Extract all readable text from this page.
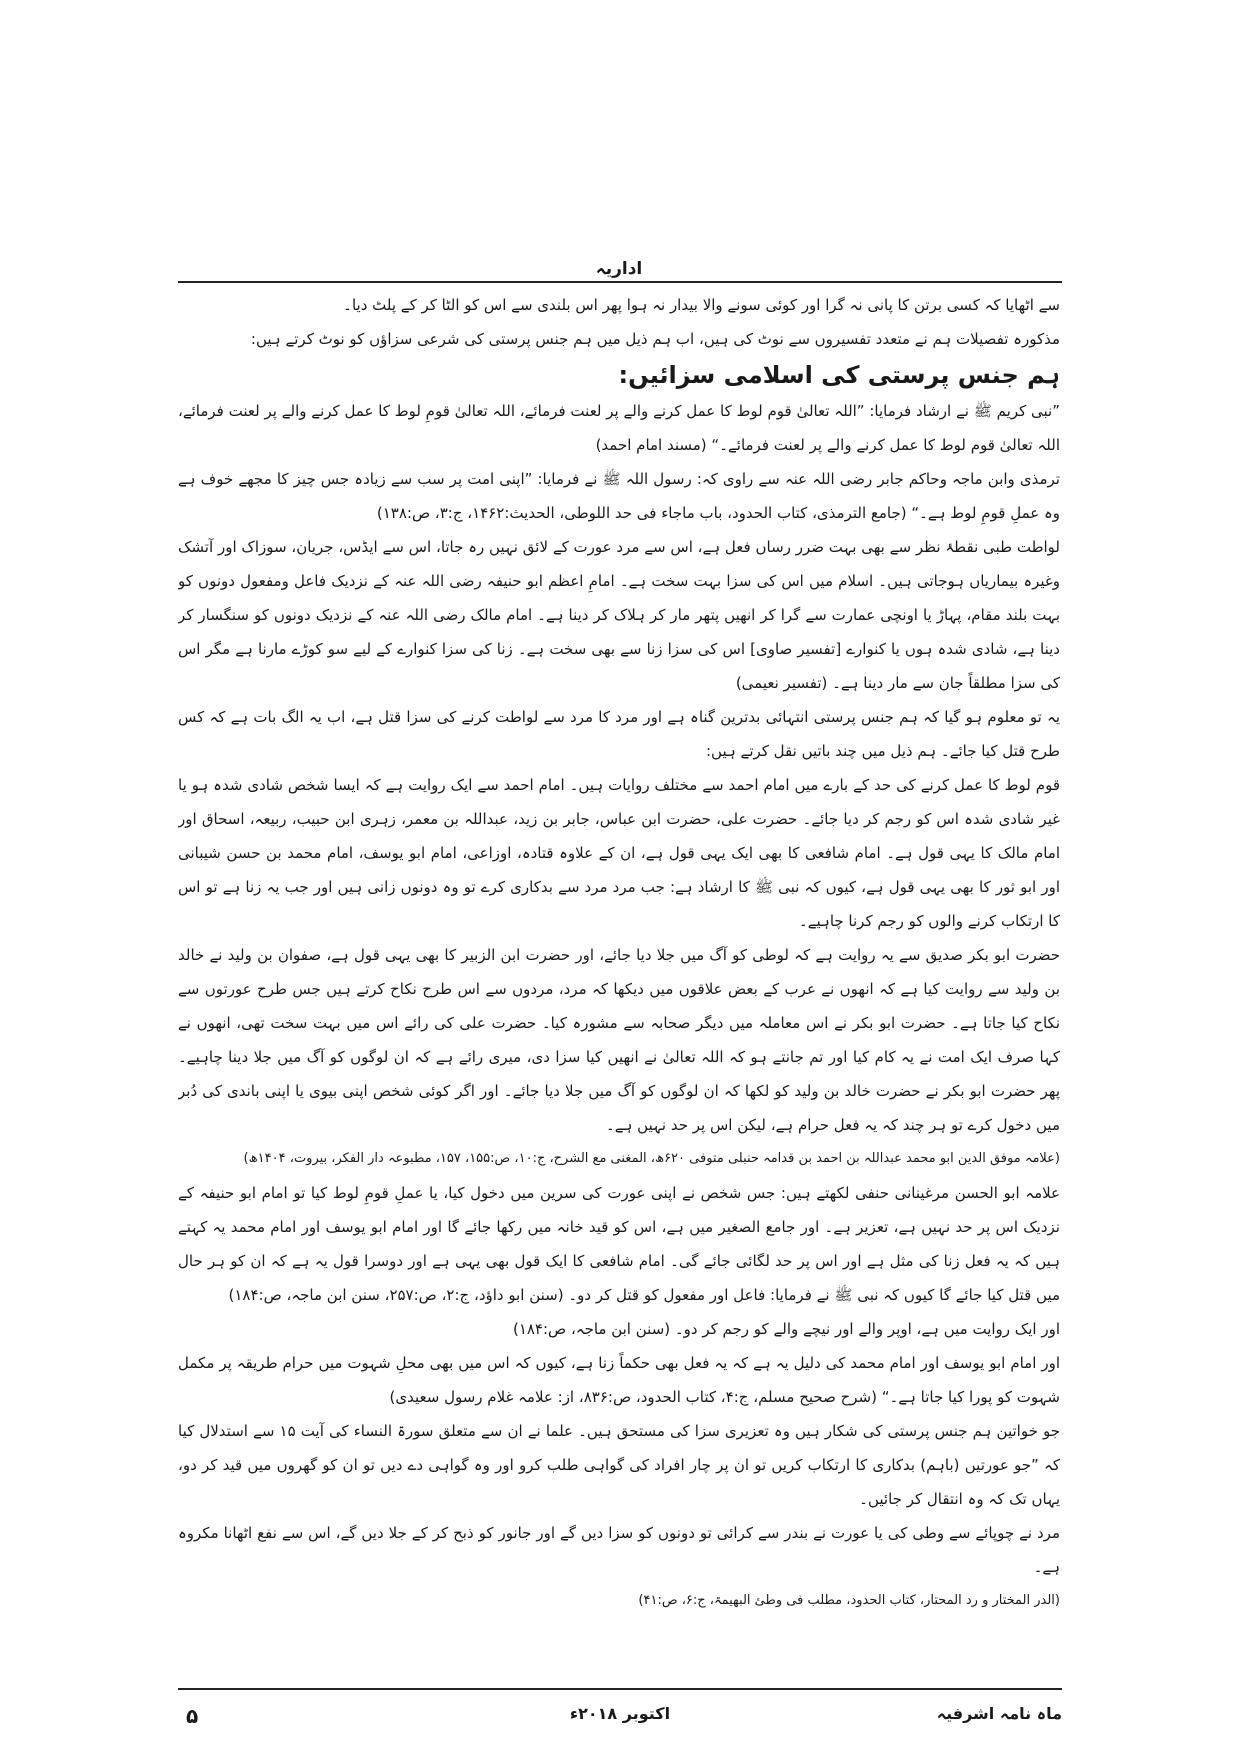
اداریہ

سے اٹھایا کہ کسی برتن کا پانی نہ گرا اور کوئی سونے والا بیدار نہ ہوا پھر اس بلندی سے اس کو الٹا کر کے پلٹ دیا۔

مذکورہ تفصیلات ہم نے متعدد تفسیروں سے نوٹ کی ہیں، اب ہم ذیل میں ہم جنس پرستی کی شرعی سزاؤں کو نوٹ کرتے ہیں:

ہم جنس پرستی کی اسلامی سزائیں:

”نبی کریم ﷺ نے ارشاد فرمایا: ”اللہ تعالیٰ قوم لوط کا عمل کرنے والے پر لعنت فرمائے، اللہ تعالیٰ قومِ لوط کا عمل کرنے والے پر لعنت فرمائے، اللہ تعالیٰ قوم لوط کا عمل کرنے والے پر لعنت فرمائے۔“ (مسند امام احمد)

ترمذی وابن ماجہ وحاکم جابر رضی اللہ عنہ سے راوی کہ: رسول اللہ ﷺ نے فرمایا: ”اپنی امت پر سب سے زیادہ جس چیز کا مجھے خوف ہے وہ عملِ قومِ لوط ہے۔“ (جامع الترمذی، کتاب الحدود، باب ماجاء فی حد اللوطی، الحدیث:۱۴۶۲، ج:۳، ص:۱۳۸)

لواطت طبی نقطۂ نظر سے بھی بہت ضرر رساں فعل ہے، اس سے مرد عورت کے لائق نہیں رہ جاتا، اس سے ایڈس، جریان، سوزاک اور آتشک وغیرہ بیماریاں ہوجاتی ہیں۔ اسلام میں اس کی سزا بہت سخت ہے۔ امامِ اعظم ابو حنیفہ رضی اللہ عنہ کے نزدیک فاعل ومفعول دونوں کو بہت بلند مقام، پہاڑ یا اونچی عمارت سے گرا کر انھیں پتھر مار کر ہلاک کر دینا ہے۔ امام مالک رضی اللہ عنہ کے نزدیک دونوں کو سنگسار کر دینا ہے، شادی شدہ ہوں یا کنوارے [تفسیر صاوی] اس کی سزا زنا سے بھی سخت ہے۔ زنا کی سزا کنوارے کے لیے سو کوڑے مارنا ہے مگر اس کی سزا مطلقاً جان سے مار دینا ہے۔ (تفسیر نعیمی)

یہ تو معلوم ہو گیا کہ ہم جنس پرستی انتہائی بدترین گناہ ہے اور مرد کا مرد سے لواطت کرنے کی سزا قتل ہے، اب یہ الگ بات ہے کہ کس طرح قتل کیا جائے۔ ہم ذیل میں چند باتیں نقل کرتے ہیں:

قوم لوط کا عمل کرنے کی حد کے بارے میں امام احمد سے مختلف روایات ہیں۔ امام احمد سے ایک روایت ہے کہ ایسا شخص شادی شدہ ہو یا غیر شادی شدہ اس کو رجم کر دیا جائے۔ حضرت علی، حضرت ابن عباس، جابر بن زید، عبداللہ بن معمر، زہری ابن حبیب، ربیعہ، اسحاق اور امام مالک کا یہی قول ہے۔ امام شافعی کا بھی ایک یہی قول ہے، ان کے علاوہ قتادہ، اوزاعی، امام ابو یوسف، امام محمد بن حسن شیبانی اور ابو ثور کا بھی یہی قول ہے، کیوں کہ نبی ﷺ کا ارشاد ہے: جب مرد مرد سے بدکاری کرے تو وہ دونوں زانی ہیں اور جب یہ زنا ہے تو اس کا ارتکاب کرنے والوں کو رجم کرنا چاہیے۔

حضرت ابو بکر صدیق سے یہ روایت ہے کہ لوطی کو آگ میں جلا دیا جائے، اور حضرت ابن الزبیر کا بھی یہی قول ہے، صفوان بن ولید نے خالد بن ولید سے روایت کیا ہے کہ انھوں نے عرب کے بعض علاقوں میں دیکھا کہ مرد، مردوں سے اس طرح نکاح کرتے ہیں جس طرح عورتوں سے نکاح کیا جاتا ہے۔ حضرت ابو بکر نے اس معاملہ میں دیگر صحابہ سے مشورہ کیا۔ حضرت علی کی رائے اس میں بہت سخت تھی، انھوں نے کہا صرف ایک امت نے یہ کام کیا اور تم جانتے ہو کہ اللہ تعالیٰ نے انھیں کیا سزا دی، میری رائے ہے کہ ان لوگوں کو آگ میں جلا دینا چاہیے۔ پھر حضرت ابو بکر نے حضرت خالد بن ولید کو لکھا کہ ان لوگوں کو آگ میں جلا دیا جائے۔ اور اگر کوئی شخص اپنی بیوی یا اپنی باندی کی دُبر میں دخول کرے تو ہر چند کہ یہ فعل حرام ہے، لیکن اس پر حد نہیں ہے۔

(علامہ موفق الدین ابو محمد عبداللہ بن احمد بن قدامہ حنبلی متوفی ۶۲۰ھ، المغنی مع الشرح، ج:۱۰، ص:۱۵۵، ۱۵۷، مطبوعہ دار الفکر، بیروت، ۱۴۰۴ھ)

علامہ ابو الحسن مرغینانی حنفی لکھتے ہیں: جس شخص نے اپنی عورت کی سرین میں دخول کیا، یا عملِ قومِ لوط کیا تو امام ابو حنیفہ کے نزدیک اس پر حد نہیں ہے، تعزیر ہے۔ اور جامع الصغیر میں ہے، اس کو قید خانہ میں رکھا جائے گا اور امام ابو یوسف اور امام محمد یہ کہتے ہیں کہ یہ فعل زنا کی مثل ہے اور اس پر حد لگائی جائے گی۔ امام شافعی کا ایک قول بھی یہی ہے اور دوسرا قول یہ ہے کہ ان کو ہر حال میں قتل کیا جائے گا کیوں کہ نبی ﷺ نے فرمایا: فاعل اور مفعول کو قتل کر دو۔ (سنن ابو داؤد، ج:۲، ص:۲۵۷، سنن ابن ماجہ، ص:۱۸۴)

اور ایک روایت میں ہے، اوپر والے اور نیچے والے کو رجم کر دو۔ (سنن ابن ماجہ، ص:۱۸۴)

اور امام ابو یوسف اور امام محمد کی دلیل یہ ہے کہ یہ فعل بھی حکماً زنا ہے، کیوں کہ اس میں بھی محلِ شہوت میں حرام طریقہ پر مکمل شہوت کو پورا کیا جاتا ہے۔“ (شرح صحیح مسلم، ج:۴، کتاب الحدود، ص:۸۳۶، از: علامہ غلام رسول سعیدی)

جو خواتین ہم جنس پرستی کی شکار ہیں وہ تعزیری سزا کی مستحق ہیں۔ علما نے ان سے متعلق سورۃ النساء کی آیت ۱۵ سے استدلال کیا کہ ”جو عورتیں (باہم) بدکاری کا ارتکاب کریں تو ان پر چار افراد کی گواہی طلب کرو اور وہ گواہی دے دیں تو ان کو گھروں میں قید کر دو، یہاں تک کہ وہ انتقال کر جائیں۔

مرد نے چوپائے سے وطی کی یا عورت نے بندر سے کرائی تو دونوں کو سزا دیں گے اور جانور کو ذبح کر کے جلا دیں گے، اس سے نفع اٹھانا مکروہ ہے۔

(الدر المختار و رد المحتار، کتاب الحدود، مطلب فی وطئ البھیمۃ، ج:۶، ص:۴۱)

۵	اکتوبر ۲۰۱۸ء	ماہ نامہ اشرفیہ
